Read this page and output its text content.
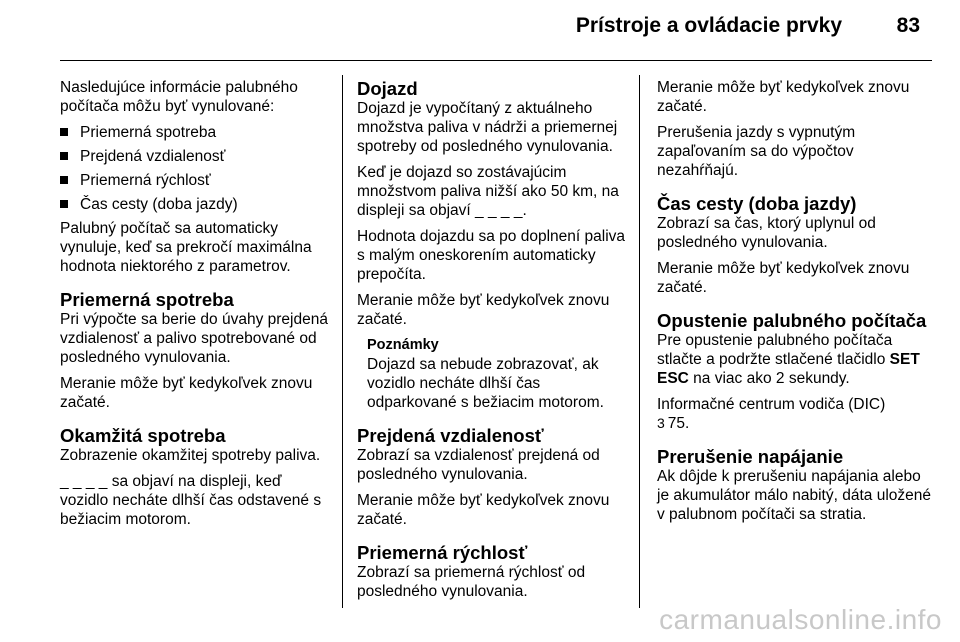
Prístroje a ovládacie prvky	83

Nasledujúce informácie palubného počítača môžu byť vynulované:

Priemerná spotreba
Prejdená vzdialenosť
Priemerná rýchlosť
Čas cesty (doba jazdy)

Palubný počítač sa automaticky vynuluje, keď sa prekročí maximálna hodnota niektorého z parametrov.

Priemerná spotreba

Pri výpočte sa berie do úvahy prejdená vzdialenosť a palivo spotrebované od posledného vynulovania.

Meranie môže byť kedykoľvek znovu začaté.

Okamžitá spotreba

Zobrazenie okamžitej spotreby paliva.

_ _ _ _ sa objaví na displeji, keď vozidlo necháte dlhší čas odstavené s bežiacim motorom.

Dojazd

Dojazd je vypočítaný z aktuálneho množstva paliva v nádrži a priemernej spotreby od posledného vynulovania.

Keď je dojazd so zostávajúcim množstvom paliva nižší ako 50 km, na displeji sa objaví _ _ _ _.

Hodnota dojazdu sa po doplnení paliva s malým oneskorením automaticky prepočíta.

Meranie môže byť kedykoľvek znovu začaté.

Poznámky
Dojazd sa nebude zobrazovať, ak vozidlo necháte dlhší čas odparkované s bežiacim motorom.
Prejdená vzdialenosť

Zobrazí sa vzdialenosť prejdená od posledného vynulovania.

Meranie môže byť kedykoľvek znovu začaté.

Priemerná rýchlosť

Zobrazí sa priemerná rýchlosť od posledného vynulovania.

Meranie môže byť kedykoľvek znovu začaté.

Prerušenia jazdy s vypnutým zapaľovaním sa do výpočtov nezahŕňajú.

Čas cesty (doba jazdy)

Zobrazí sa čas, ktorý uplynul od posledného vynulovania.

Meranie môže byť kedykoľvek znovu začaté.

Opustenie palubného počítača

Pre opustenie palubného počítača stlačte a podržte stlačené tlačidlo SET ESC na viac ako 2 sekundy.

Informačné centrum vodiča (DIC)
3 75.

Prerušenie napájanie

Ak dôjde k prerušeniu napájania alebo je akumulátor málo nabitý, dáta uložené v palubnom počítači sa stratia.

carmanualsonline.info
